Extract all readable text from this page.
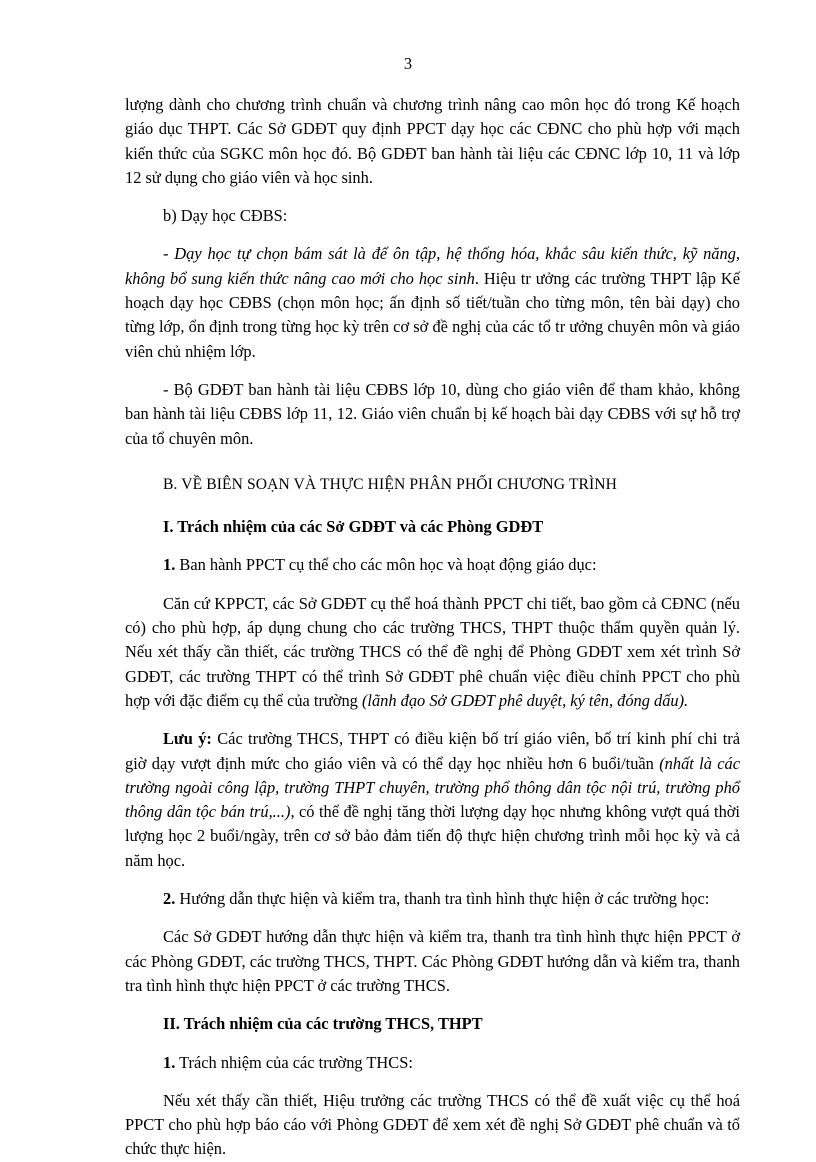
3

lượng dành cho chương trình chuẩn và chương trình nâng cao môn học đó trong Kế hoạch giáo dục THPT. Các Sở GDĐT quy định PPCT dạy học các CĐNC cho phù hợp với mạch kiến thức của SGKC môn học đó. Bộ GDĐT ban hành tài liệu các CĐNC lớp 10, 11 và lớp 12 sử dụng cho giáo viên và học sinh.

b) Dạy học CĐBS:

- Dạy học tự chọn bám sát là để ôn tập, hệ thống hóa, khắc sâu kiến thức, kỹ năng, không bổ sung kiến thức nâng cao mới cho học sinh. Hiệu tr ưởng các trường THPT lập Kế hoạch dạy học CĐBS (chọn môn học; ấn định số tiết/tuần cho từng môn, tên bài dạy) cho từng lớp, ổn định trong từng học kỳ trên cơ sở đề nghị của các tổ tr ưởng chuyên môn và giáo viên chủ nhiệm lớp.

- Bộ GDĐT ban hành tài liệu CĐBS lớp 10, dùng cho giáo viên để tham khảo, không ban hành tài liệu CĐBS lớp 11, 12. Giáo viên chuẩn bị kế hoạch bài dạy CĐBS với sự hỗ trợ của tổ chuyên môn.

B. VỀ BIÊN SOẠN VÀ THỰC HIỆN PHÂN PHỐI CHƯƠNG TRÌNH

I. Trách nhiệm của các Sở GDĐT và các Phòng GDĐT

1. Ban hành PPCT cụ thể cho các môn học và hoạt động giáo dục:

Căn cứ KPPCT, các Sở GDĐT cụ thể hoá thành PPCT chi tiết, bao gồm cả CĐNC (nếu có) cho phù hợp, áp dụng chung cho các trường THCS, THPT thuộc thẩm quyền quản lý. Nếu xét thấy cần thiết, các trường THCS có thể đề nghị để Phòng GDĐT xem xét trình Sở GDĐT, các trường THPT có thể trình Sở GDĐT phê chuẩn việc điều chỉnh PPCT cho phù hợp với đặc điểm cụ thể của trường (lãnh đạo Sở GDĐT phê duyệt, ký tên, đóng dấu).

Lưu ý: Các trường THCS, THPT có điều kiện bố trí giáo viên, bố trí kinh phí chi trả giờ dạy vượt định mức cho giáo viên và có thể dạy học nhiều hơn 6 buổi/tuần (nhất là các trường ngoài công lập, trường THPT chuyên, trường phổ thông dân tộc nội trú, trường phổ thông dân tộc bán trú,...), có thể đề nghị tăng thời lượng dạy học nhưng không vượt quá thời lượng học 2 buổi/ngày, trên cơ sở bảo đảm tiến độ thực hiện chương trình mỗi học kỳ và cả năm học.

2. Hướng dẫn thực hiện và kiểm tra, thanh tra tình hình thực hiện ở các trường học:

Các Sở GDĐT hướng dẫn thực hiện và kiểm tra, thanh tra tình hình thực hiện PPCT ở các Phòng GDĐT, các trường THCS, THPT. Các Phòng GDĐT hướng dẫn và kiểm tra, thanh tra tình hình thực hiện PPCT ở các trường THCS.

II. Trách nhiệm của các trường THCS, THPT

1. Trách nhiệm của các trường THCS:

Nếu xét thấy cần thiết, Hiệu trưởng các trường THCS có thể đề xuất việc cụ thể hoá PPCT cho phù hợp báo cáo với Phòng GDĐT để xem xét đề nghị Sở GDĐT phê chuẩn và tổ chức thực hiện.
